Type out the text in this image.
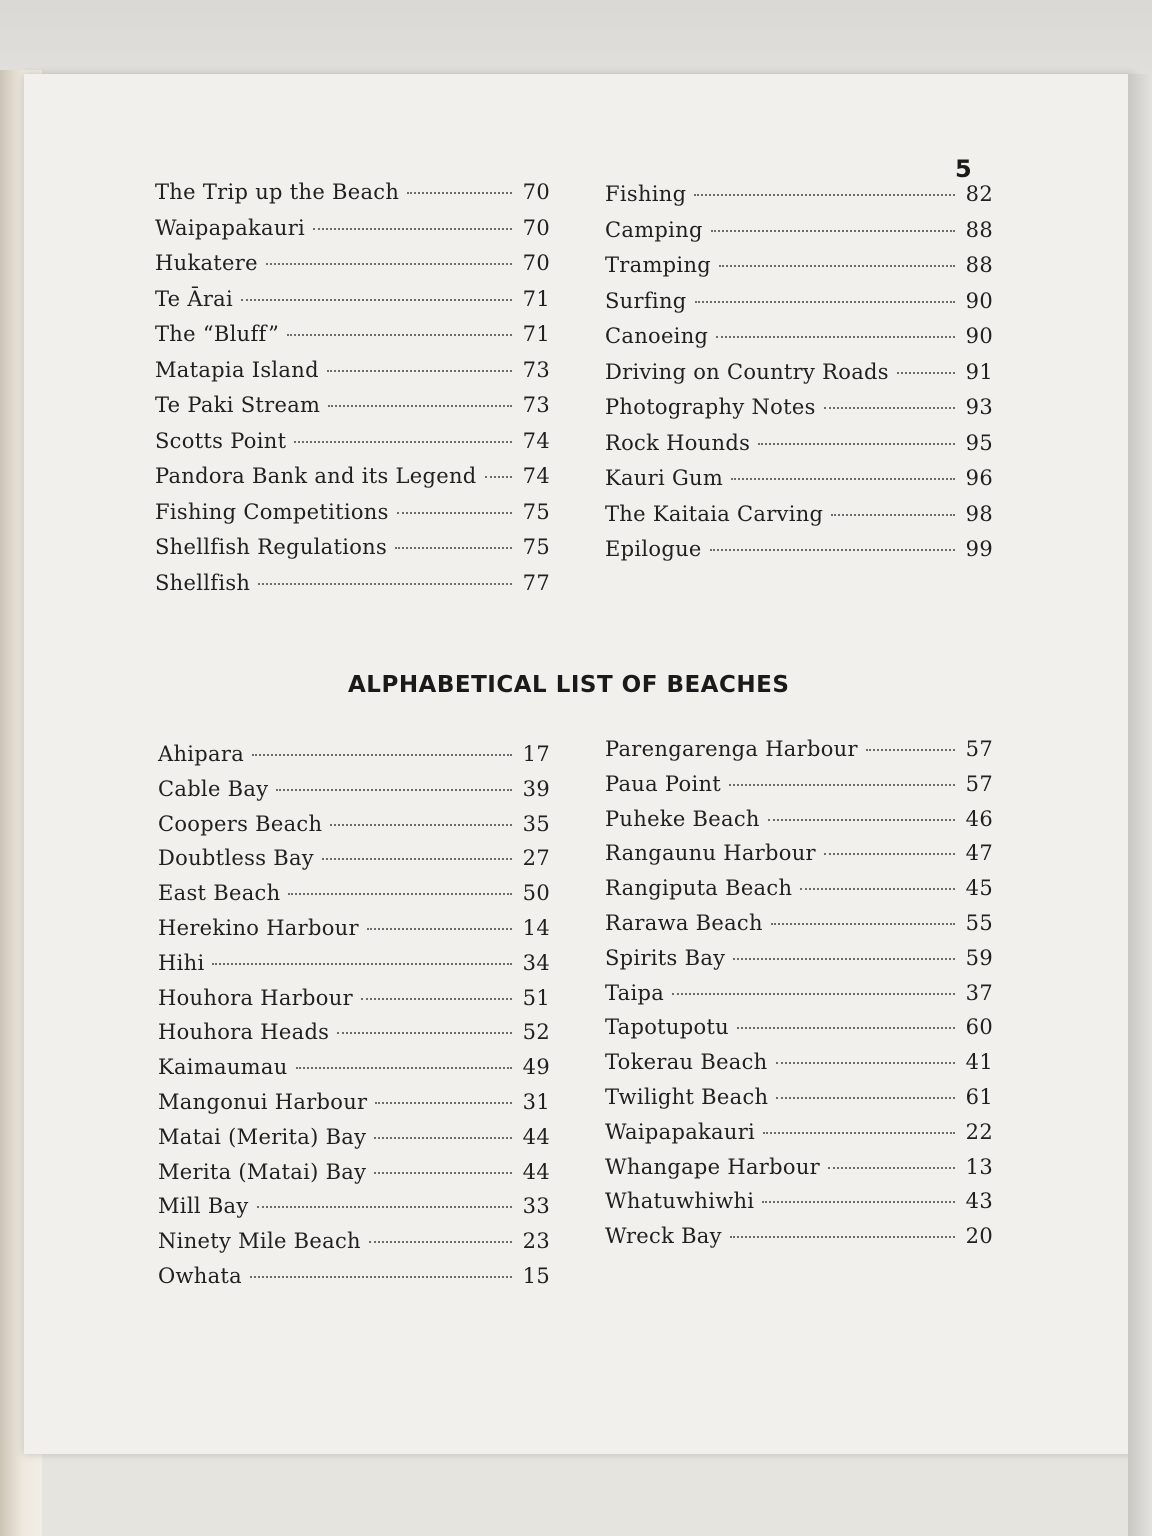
5
The Trip up the Beach	70
Waipapakauri	70
Hukatere	70
Te Ārai	71
The “Bluff”	71
Matapia Island	73
Te Paki Stream	73
Scotts Point	74
Pandora Bank and its Legend 74
Fishing Competitions	75
Shellfish Regulations	75
Shellfish	77
Fishing	82
Camping	88
Tramping	88
Surfing	90
Canoeing	90
Driving on Country Roads	91
Photography Notes	93
Rock Hounds	95
Kauri Gum	96
The Kaitaia Carving	98
Epilogue	99
ALPHABETICAL LIST OF BEACHES
Ahipara	17
Cable Bay	39
Coopers Beach	35
Doubtless Bay	27
East Beach	50
Herekino Harbour	14
Hihi	34
Houhora Harbour	51
Houhora Heads	52
Kaimaumau	49
Mangonui Harbour	31
Matai (Merita) Bay	44
Merita (Matai) Bay	44
Mill Bay	33
Ninety Mile Beach	23
Owhata	15
Parengarenga Harbour	57
Paua Point	57
Puheke Beach	46
Rangaunu Harbour	47
Rangiputa Beach	45
Rarawa Beach	55
Spirits Bay	59
Taipa	37
Tapotupotu	60
Tokerau Beach	41
Twilight Beach	61
Waipapakauri	22
Whangape Harbour	13
Whatuwhiwhi	43
Wreck Bay	20
